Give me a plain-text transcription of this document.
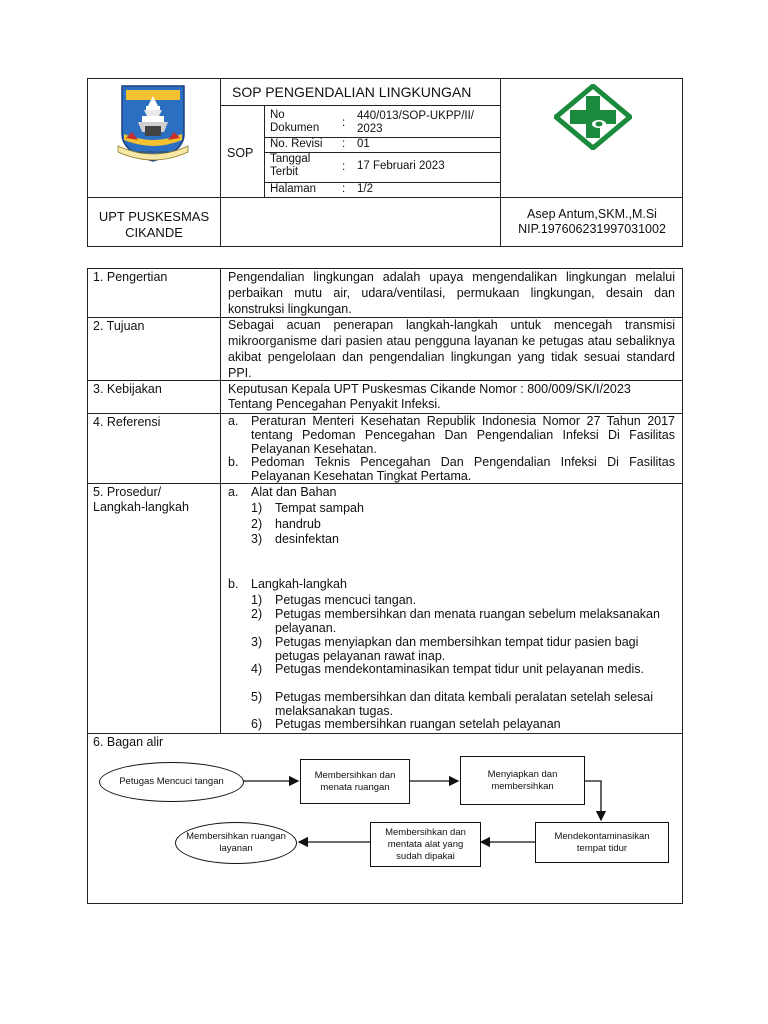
KABUPATEN SERANG
SOP PENGENDALIAN LINGKUNGAN
SOP
No Dokumen	:
440/013/SOP-UKPP/II/ 2023
No. Revisi : 01
Tanggal Terbit	: 17 Februari 2023
Halaman : 1/2
UPT PUSKESMAS
CIKANDE
Asep Antum,SKM.,M.Si
NIP.197606231997031002
1. Pengertian	Pengendalian lingkungan adalah upaya mengendalikan lingkungan melalui perbaikan mutu air, udara/ventilasi, permukaan lingkungan, desain dan konstruksi lingkungan.
2. Tujuan	Sebagai acuan penerapan langkah-langkah untuk mencegah transmisi mikroorganisme dari pasien atau pengguna layanan ke petugas atau sebaliknya akibat pengelolaan dan pengendalian lingkungan yang tidak sesuai standard PPI.
3. Kebijakan	Keputusan Kepala UPT Puskesmas Cikande Nomor : 800/009/SK/I/2023
Tentang Pencegahan Penyakit Infeksi.
4. Referensi	a. Peraturan Menteri Kesehatan Republik Indonesia Nomor 27 Tahun 2017 tentang Pedoman Pencegahan Dan Pengendalian Infeksi Di Fasilitas Pelayanan Kesehatan.
b. Pedoman Teknis Pencegahan Dan Pengendalian Infeksi Di Fasilitas Pelayanan Kesehatan Tingkat Pertama.
5. Prosedur/
Langkah-langkah
a. Alat dan Bahan
1) Tempat sampah
2) handrub
3) desinfektan
b. Langkah-langkah
1) Petugas mencuci tangan.
2) Petugas membersihkan dan menata ruangan sebelum melaksanakan pelayanan.
3) Petugas menyiapkan dan membersihkan tempat tidur pasien bagi petugas pelayanan rawat inap.
4) Petugas mendekontaminasikan tempat tidur unit pelayanan medis.
5) Petugas membersihkan dan ditata kembali peralatan setelah selesai melaksanakan tugas.
6) Petugas membersihkan ruangan setelah pelayanan
6. Bagan alir
Petugas Mencuci tangan
Membersihkan dan menata ruangan
Menyiapkan dan membersihkan
Mendekontaminasikan tempat tidur
Membersihkan dan mentata alat yang sudah dipakai
Membersihkan ruangan layanan
